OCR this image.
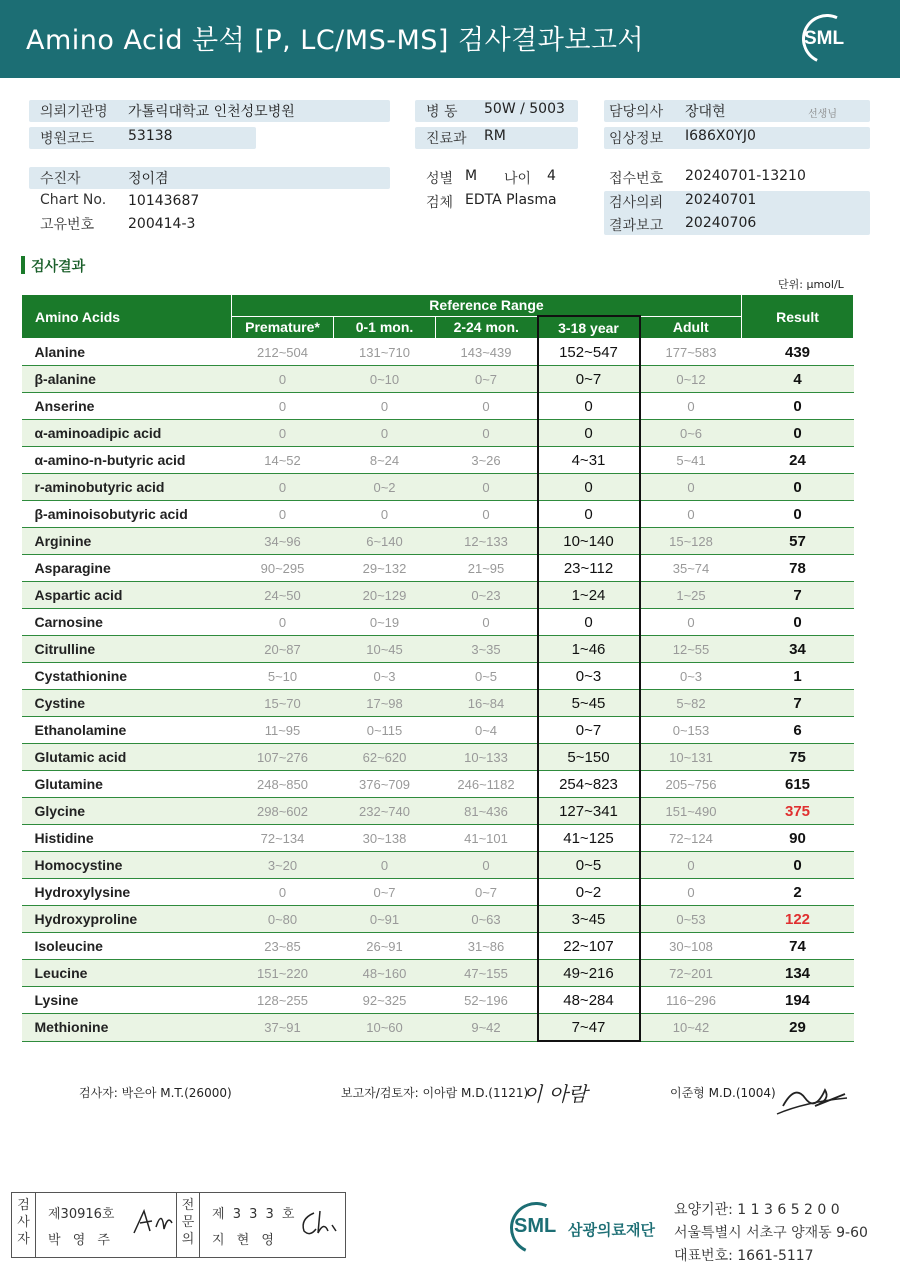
Amino Acid 분석 [P, LC/MS-MS] 검사결과보고서	SML
의뢰기관명 가톨릭대학교 인천성모병원
병원코드 53138
병 동 50W / 5003
진료과 RM
담당의사 장대현	선생님
임상정보 I686X0YJ0
수진자	정이겸
Chart No. 10143687
고유번호 200414-3
성별 M 나이 4
검체 EDTA Plasma
접수번호 20240701-13210
검사의뢰 20240701
결과보고 20240706
검사결과
단위: μmol/L
Amino Acids	Reference Range					Result
	Premature*	0-1 mon.	2-24 mon.	3-18 year	Adult	
Alanine	212~504	131~710	143~439	152~547	177~583	439
β-alanine	0	0~10	0~7	0~7	0~12	4
Anserine	0	0	0	0	0	0
α-aminoadipic acid	0	0	0	0	0~6	0
α-amino-n-butyric acid	14~52	8~24	3~26	4~31	5~41	24
r-aminobutyric acid	0	0~2	0	0	0	0
β-aminoisobutyric acid	0	0	0	0	0	0
Arginine	34~96	6~140	12~133	10~140	15~128	57
Asparagine	90~295	29~132	21~95	23~112	35~74	78
Aspartic acid	24~50	20~129	0~23	1~24	1~25	7
Carnosine	0	0~19	0	0	0	0
Citrulline	20~87	10~45	3~35	1~46	12~55	34
Cystathionine	5~10	0~3	0~5	0~3	0~3	1
Cystine	15~70	17~98	16~84	5~45	5~82	7
Ethanolamine	11~95	0~115	0~4	0~7	0~153	6
Glutamic acid	107~276	62~620	10~133	5~150	10~131	75
Glutamine	248~850	376~709	246~1182	254~823	205~756	615
Glycine	298~602	232~740	81~436	127~341	151~490	375
Histidine	72~134	30~138	41~101	41~125	72~124	90
Homocystine	3~20	0	0	0~5	0	0
Hydroxylysine	0	0~7	0~7	0~2	0	2
Hydroxyproline	0~80	0~91	0~63	3~45	0~53	122
Isoleucine	23~85	26~91	31~86	22~107	30~108	74
Leucine	151~220	48~160	47~155	49~216	72~201	134
Lysine	128~255	92~325	52~196	48~284	116~296	194
Methionine	37~91	10~60	9~42	7~47	10~42	29
검사자: 박은아 M.T.(26000)	보고자/검토자: 이아람 M.D.(1121)
이 아람	이준형 M.D.(1004)
검사자
제30916호
박 영 주
전문의
제 3 3 3 호
지 현 영
SML 삼광의료재단
요양기관: 1 1 3 6 5 2 0 0
서울특별시 서초구 양재동 9-60
대표번호: 1661-5117
